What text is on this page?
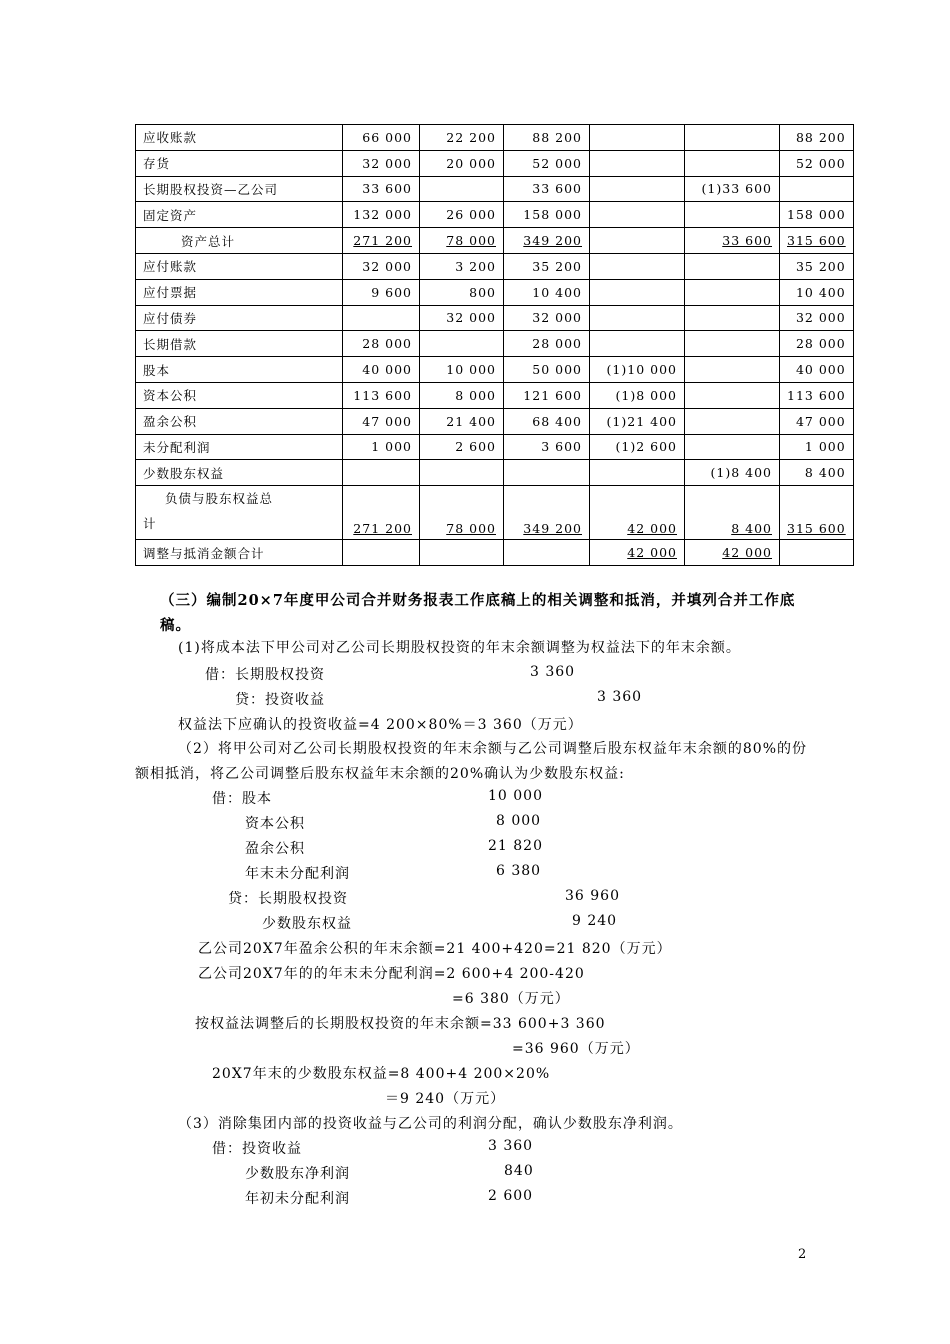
应收账款	66 000	22 200	88 200			88 200
存货	32 000	20 000	52 000			52 000
长期股权投资—乙公司	33 600		33 600		(1)33 600	
固定资产	132 000	26 000	158 000			158 000
资产总计	271 200	78 000	349 200		33 600	315 600
应付账款	32 000	3 200	35 200			35 200
应付票据	9 600	800	10 400			10 400
应付债券		32 000	32 000			32 000
长期借款	28 000		28 000			28 000
股本	40 000	10 000	50 000	(1)10 000		40 000
资本公积	113 600	8 000	121 600	(1)8 000		113 600
盈余公积	47 000	21 400	68 400	(1)21 400		47 000
未分配利润	1 000	2 600	3 600	(1)2 600		1 000
少数股东权益					(1)8 400	8 400
负债与股东权益总
计	271 200	78 000	349 200	42 000	8 400	315 600
调整与抵消金额合计				42 000	42 000	
（三）编制20×7年度甲公司合并财务报表工作底稿上的相关调整和抵消，并填列合并工作底稿。
(1)将成本法下甲公司对乙公司长期股权投资的年末余额调整为权益法下的年末余额。
借：长期股权投资	3 360
贷：投资收益	3 360
权益法下应确认的投资收益=4 200×80%＝3 360（万元）
（2）将甲公司对乙公司长期股权投资的年末余额与乙公司调整后股东权益年末余额的80%的份额相抵消，将乙公司调整后股东权益年末余额的20%确认为少数股东权益:
借：股本	10 000
资本公积	8 000
盈余公积	21 820
年末未分配利润	6 380
贷：长期股权投资	36 960
少数股东权益	9 240
乙公司20X7年盈余公积的年末余额=21 400+420=21 820（万元）
乙公司20X7年的的年末未分配利润=2 600+4 200-420
=6 380（万元）
按权益法调整后的长期股权投资的年末余额=33 600+3 360
=36 960（万元）
20X7年末的少数股东权益=8 400+4 200×20%
＝9 240（万元）
（3）消除集团内部的投资收益与乙公司的利润分配，确认少数股东净利润。
借：投资收益	3 360
少数股东净利润	840
年初未分配利润	2 600
2
